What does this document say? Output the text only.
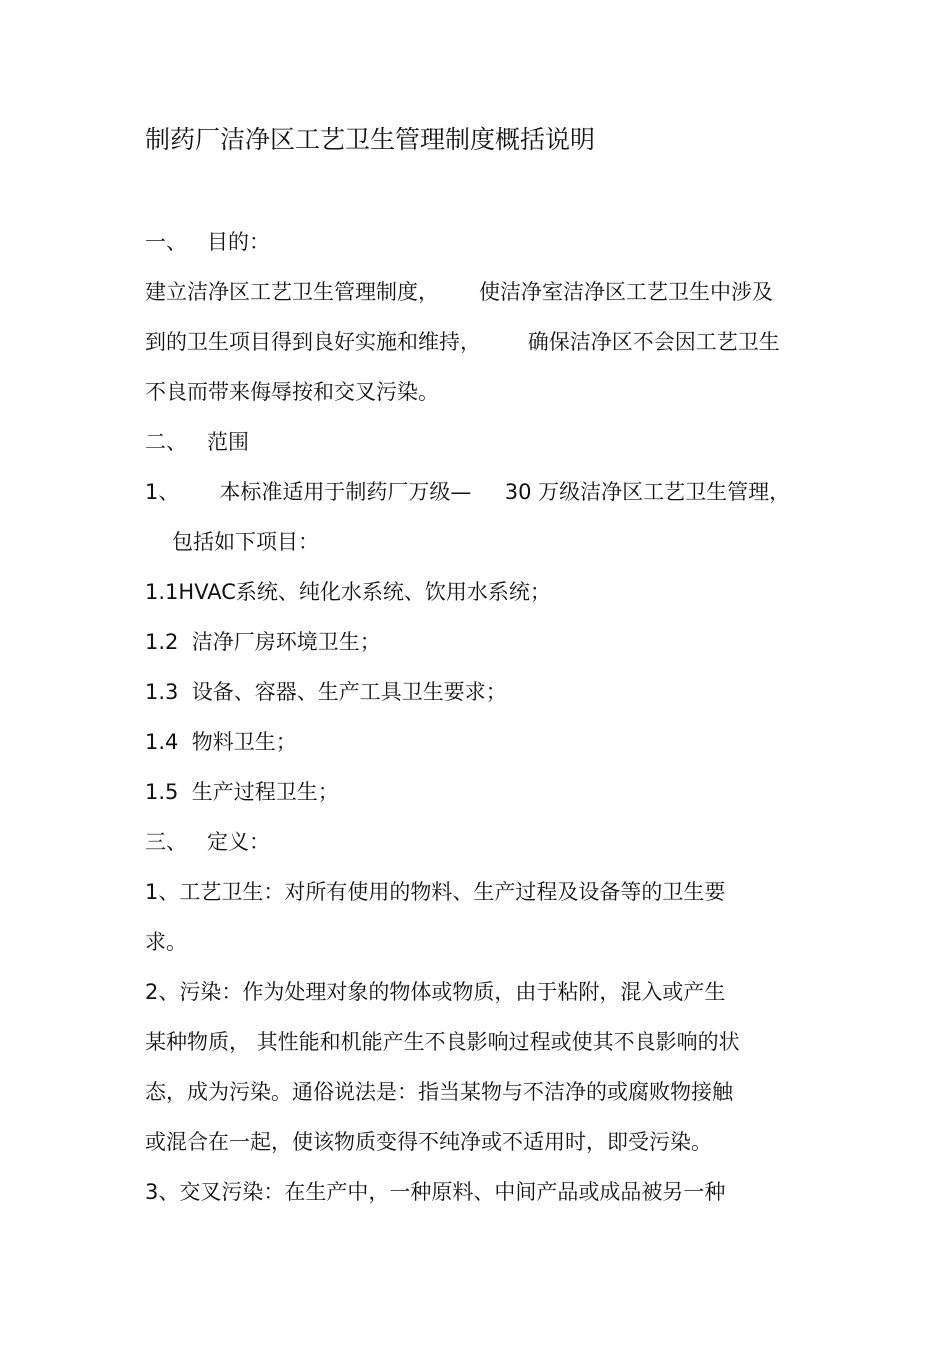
制药厂洁净区工艺卫生管理制度概括说明
一、   目的：
建立洁净区工艺卫生管理制度，      使洁净室洁净区工艺卫生中涉及
到的卫生项目得到良好实施和维持，       确保洁净区不会因工艺卫生
不良而带来侮辱按和交叉污染。
二、   范围
1、      本标准适用于制药厂万级—     30 万级洁净区工艺卫生管理，
包括如下项目：
1.1HVAC系统、纯化水系统、饮用水系统；
1.2  洁净厂房环境卫生；
1.3  设备、容器、生产工具卫生要求；
1.4  物料卫生；
1.5  生产过程卫生；
三、   定义：
1、工艺卫生：对所有使用的物料、生产过程及设备等的卫生要
求。
2、污染：作为处理对象的物体或物质，由于粘附，混入或产生
某种物质， 其性能和机能产生不良影响过程或使其不良影响的状
态，成为污染。通俗说法是：指当某物与不洁净的或腐败物接触
或混合在一起，使该物质变得不纯净或不适用时，即受污染。
3、交叉污染：在生产中，一种原料、中间产品或成品被另一种
